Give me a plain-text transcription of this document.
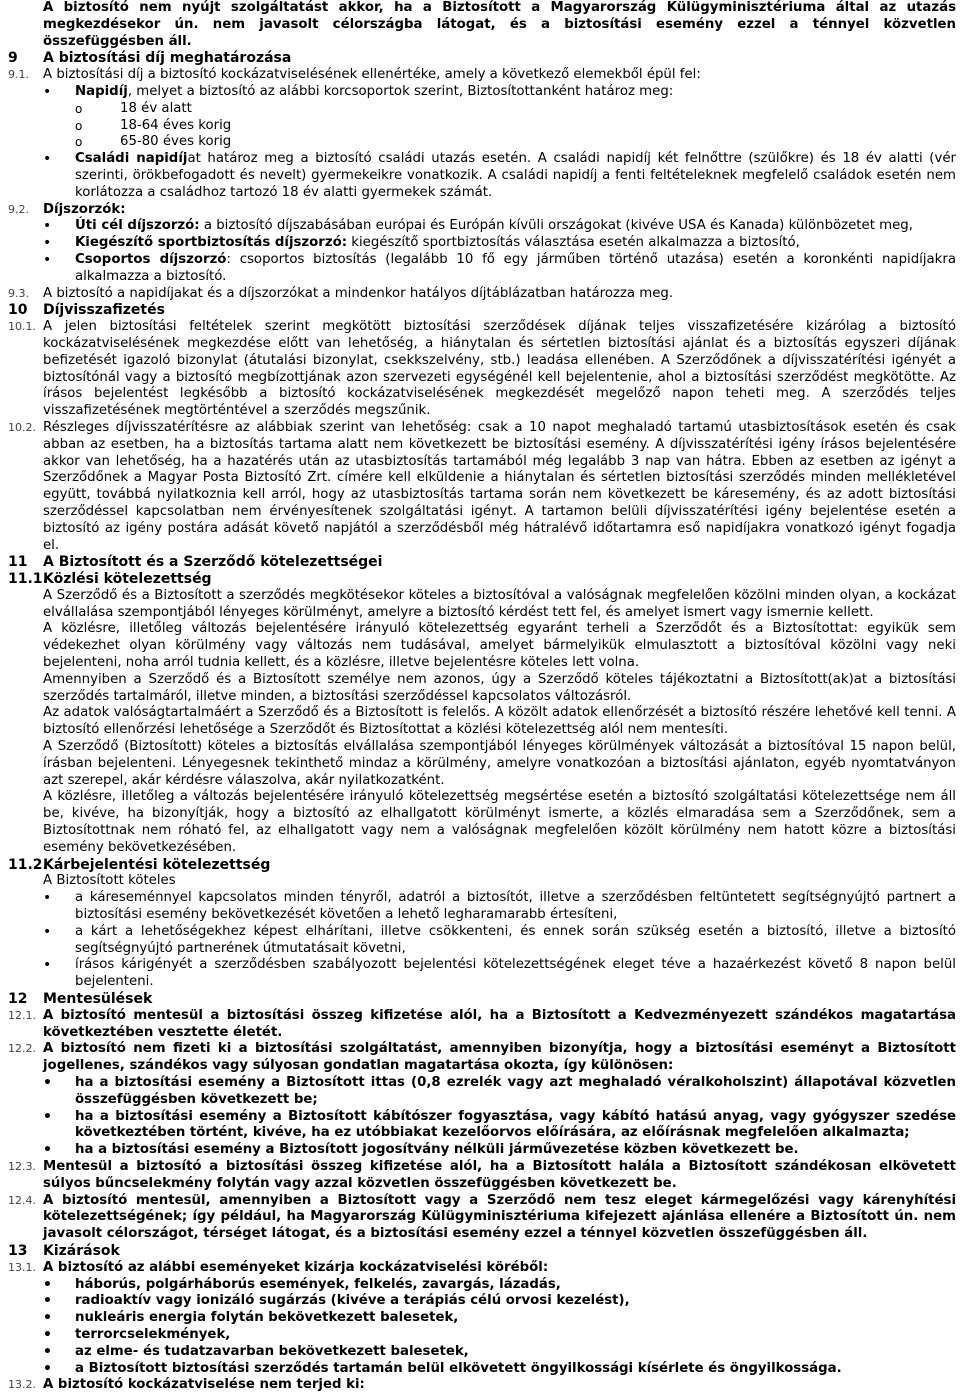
A biztosító nem nyújt szolgáltatást akkor, ha a Biztosított a Magyarország Külügyminisztériuma által az utazás megkezdésekor ún. nem javasolt célországba látogat, és a biztosítási esemény ezzel a ténnyel közvetlen összefüggésben áll.
9	A biztosítási díj meghatározása
9.1.	A biztosítási díj a biztosító kockázatviselésének ellenértéke, amely a következő elemekből épül fel:
• Napidíj, melyet a biztosító az alábbi korcsoportok szerint, Biztosítottanként határoz meg:
o 18 év alatt
o 18-64 éves korig
o 65-80 éves korig
• Családi napidíjat határoz meg a biztosító családi utazás esetén. A családi napidíj két felnőttre (szülőkre) és 18 év alatti (vér szerinti, örökbefogadott és nevelt) gyermekeikre vonatkozik. A családi napidíj a fenti feltételeknek megfelelő családok esetén nem korlátozza a családhoz tartozó 18 év alatti gyermekek számát.
9.2.	Díjszorzók:
• Úti cél díjszorzó: a biztosító díjszabásában európai és Európán kívüli országokat (kivéve USA és Kanada) különbözetet meg,
• Kiegészítő sportbiztosítás díjszorzó: kiegészítő sportbiztosítás választása esetén alkalmazza a biztosító,
• Csoportos díjszorzó: csoportos biztosítás (legalább 10 fő egy járműben történő utazása) esetén a koronkénti napidíjakra alkalmazza a biztosító.
9.3.	A biztosító a napidíjakat és a díjszorzókat a mindenkor hatályos díjtáblázatban határozza meg.
10	Díjvisszafizetés
10.1. A jelen biztosítási feltételek szerint megkötött biztosítási szerződések díjának teljes visszafizetésére kizárólag a biztosító kockázatviselésének megkezdése előtt van lehetőség, a hiánytalan és sértetlen biztosítási ajánlat és a biztosítás egyszeri díjának befizetését igazoló bizonylat (átutalási bizonylat, csekkszelvény, stb.) leadása ellenében. A Szerződőnek a díjvisszatérítési igényét a biztosítónál vagy a biztosító megbízottjának azon szervezeti egységénél kell bejelentenie, ahol a biztosítási szerződést megkötötte. Az írásos bejelentést legkésőbb a biztosító kockázatviselésének megkezdését megelőző napon teheti meg. A szerződés teljes visszafizetésének megtörténtével a szerződés megszűnik.
10.2. Részleges díjvisszatérítésre az alábbiak szerint van lehetőség: csak a 10 napot meghaladó tartamú utasbiztosítások esetén és csak abban az esetben, ha a biztosítás tartama alatt nem következett be biztosítási esemény. A díjvisszatérítési igény írásos bejelentésére akkor van lehetőség, ha a hazatérés után az utasbiztosítás tartamából még legalább 3 nap van hátra. Ebben az esetben az igényt a Szerződőnek a Magyar Posta Biztosító Zrt. címére kell elküldenie a hiánytalan és sértetlen biztosítási szerződés minden mellékletével együtt, továbbá nyilatkoznia kell arról, hogy az utasbiztosítás tartama során nem következett be káresemény, és az adott biztosítási szerződéssel kapcsolatban nem érvényesítenek szolgáltatási igényt. A tartamon belüli díjvisszatérítési igény bejelentése esetén a biztosító az igény postára adását követő napjától a szerződésből még hátralévő időtartamra eső napidíjakra vonatkozó igényt fogadja el.
11	A Biztosított és a Szerződő kötelezettségei
11.1.
Közlési kötelezettség
A Szerződő és a Biztosított a szerződés megkötésekor köteles a biztosítóval a valóságnak megfelelően közölni minden olyan, a kockázat elvállalása szempontjából lényeges körülményt, amelyre a biztosító kérdést tett fel, és amelyet ismert vagy ismernie kellett.
A közlésre, illetőleg változás bejelentésére irányuló kötelezettség egyaránt terheli a Szerződőt és a Biztosítottat: egyikük sem védekezhet olyan körülmény vagy változás nem tudásával, amelyet bármelyikük elmulasztott a biztosítóval közölni vagy neki bejelenteni, noha arról tudnia kellett, és a közlésre, illetve bejelentésre köteles lett volna.
Amennyiben a Szerződő és a Biztosított személye nem azonos, úgy a Szerződő köteles tájékoztatni a Biztosított(ak)at a biztosítási szerződés tartalmáról, illetve minden, a biztosítási szerződéssel kapcsolatos változásról.
Az adatok valóságtartalmáért a Szerződő és a Biztosított is felelős. A közölt adatok ellenőrzését a biztosító részére lehetővé kell tenni. A biztosító ellenőrzési lehetősége a Szerződőt és Biztosítottat a közlési kötelezettség alól nem mentesíti.
A Szerződő (Biztosított) köteles a biztosítás elvállalása szempontjából lényeges körülmények változását a biztosítóval 15 napon belül, írásban bejelenteni. Lényegesnek tekinthető mindaz a körülmény, amelyre vonatkozóan a biztosítási ajánlaton, egyéb nyomtatványon azt szerepel, akár kérdésre válaszolva, akár nyilatkozatként.
A közlésre, illetőleg a változás bejelentésére irányuló kötelezettség megsértése esetén a biztosító szolgáltatási kötelezettsége nem áll be, kivéve, ha bizonyítják, hogy a biztosító az elhallgatott körülményt ismerte, a közlés elmaradása sem a Szerződőnek, sem a Biztosítottnak nem róható fel, az elhallgatott vagy nem a valóságnak megfelelően közölt körülmény nem hatott közre a biztosítási esemény bekövetkezésében.
11.2.
Kárbejelentési kötelezettség
A Biztosított köteles
• a káreseménnyel kapcsolatos minden tényről, adatról a biztosítót, illetve a szerződésben feltüntetett segítségnyújtó partnert a biztosítási esemény bekövetkezését követően a lehető legharamarabb értesíteni,
• a kárt a lehetőségekhez képest elhárítani, illetve csökkenteni, és ennek során szükség esetén a biztosító, illetve a biztosító segítségnyújtó partnerének útmutatásait követni,
• írásos kárigényét a szerződésben szabályozott bejelentési kötelezettségének eleget téve a hazaérkezést követő 8 napon belül bejelenteni.
12	Mentesülések
12.1. A biztosító mentesül a biztosítási összeg kifizetése alól, ha a Biztosított a Kedvezményezett szándékos magatartása következtében vesztette életét.
12.2. A biztosító nem fizeti ki a biztosítási szolgáltatást, amennyiben bizonyítja, hogy a biztosítási eseményt a Biztosított jogellenes, szándékos vagy súlyosan gondatlan magatartása okozta, így különösen:
• ha a biztosítási esemény a Biztosított ittas (0,8 ezrelék vagy azt meghaladó véralkoholszint) állapotával közvetlen összefüggésben következett be;
• ha a biztosítási esemény a Biztosított kábítószer fogyasztása, vagy kábító hatású anyag, vagy gyógyszer szedése következtében történt, kivéve, ha ez utóbbiakat kezelőorvos előírására, az előírásnak megfelelően alkalmazta;
• ha a biztosítási esemény a Biztosított jogosítvány nélküli járművezetése közben következett be.
12.3. Mentesül a biztosító a biztosítási összeg kifizetése alól, ha a Biztosított halála a Biztosított szándékosan elkövetett súlyos bűncselekmény folytán vagy azzal közvetlen összefüggésben következett be.
12.4. A biztosító mentesül, amennyiben a Biztosított vagy a Szerződő nem tesz eleget kármegelőzési vagy kárenyhítési kötelezettségének; így például, ha Magyarország Külügyminisztériuma kifejezett ajánlása ellenére a Biztosított ún. nem javasolt célországot, térséget látogat, és a biztosítási esemény ezzel a ténnyel közvetlen összefüggésben áll.
13	Kizárások
13.1. A biztosító az alábbi eseményeket kizárja kockázatviselési köréből:
• háborús, polgárháborús események, felkelés, zavargás, lázadás,
• radioaktív vagy ionizáló sugárzás (kivéve a terápiás célú orvosi kezelést),
• nukleáris energia folytán bekövetkezett balesetek,
• terrorcselekmények,
• az elme- és tudatzavarban bekövetkezett balesetek,
• a Biztosított biztosítási szerződés tartamán belül elkövetett öngyilkossági kísérlete és öngyilkossága.
13.2. A biztosító kockázatviselése nem terjed ki:
